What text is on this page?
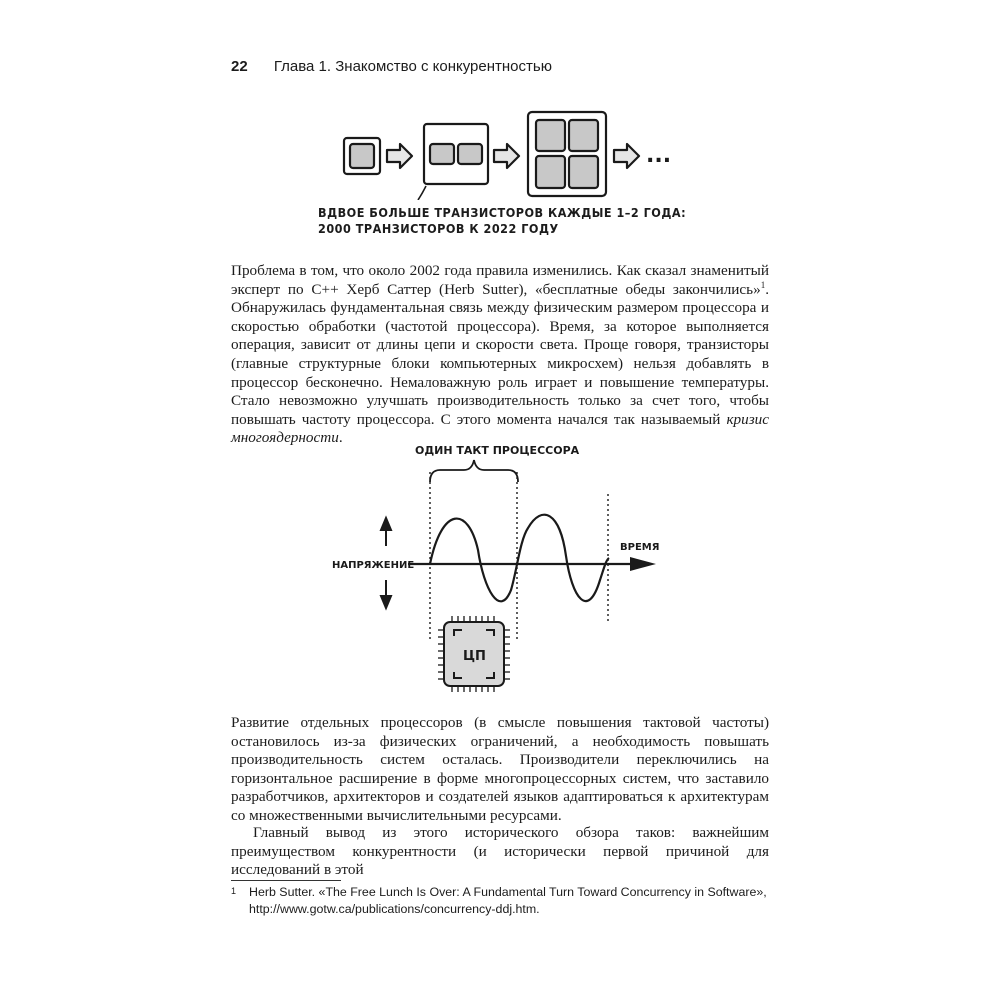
22 Глава 1. Знакомство с конкурентностью
...
ВДВОЕ БОЛЬШЕ ТРАНЗИСТОРОВ КАЖДЫЕ 1–2 ГОДА:
2000 ТРАНЗИСТОРОВ К 2022 ГОДУ

Проблема в том, что около 2002 года правила изменились. Как сказал знаменитый эксперт по C++ Херб Саттер (Herb Sutter), «бесплатные обеды закончились»$^1$. Обнаружилась фундаментальная связь между физическим размером процессора и скоростью обработки (частотой процессора). Время, за которое выполняется операция, зависит от длины цепи и скорости света. Проще говоря, транзисторы (главные структурные блоки компьютерных микросхем) нельзя добавлять в процессор бесконечно. Немаловажную роль играет и повышение температуры. Стало невозможно улучшать производительность только за счет того, чтобы повышать частоту процессора. С этого момента начался так называемый кризис многоядерности.

ОДИН ТАКТ ПРОЦЕССОРА
НАПРЯЖЕНИЕ
ВРЕМЯ
ЦП

Развитие отдельных процессоров (в смысле повышения тактовой частоты) остановилось из-за физических ограничений, а необходимость повышать производительность систем осталась. Производители переключились на горизонтальное расширение в форме многопроцессорных систем, что заставило разработчиков, архитекторов и создателей языков адаптироваться к архитектурам со множественными вычислительными ресурсами.

Главный вывод из этого исторического обзора таков: важнейшим преимуществом конкурентности (и исторически первой причиной для исследований в этой

1	Herb Sutter. «The Free Lunch Is Over: A Fundamental Turn Toward Concurrency in Software», http://www.gotw.ca/publications/concurrency-ddj.htm.
